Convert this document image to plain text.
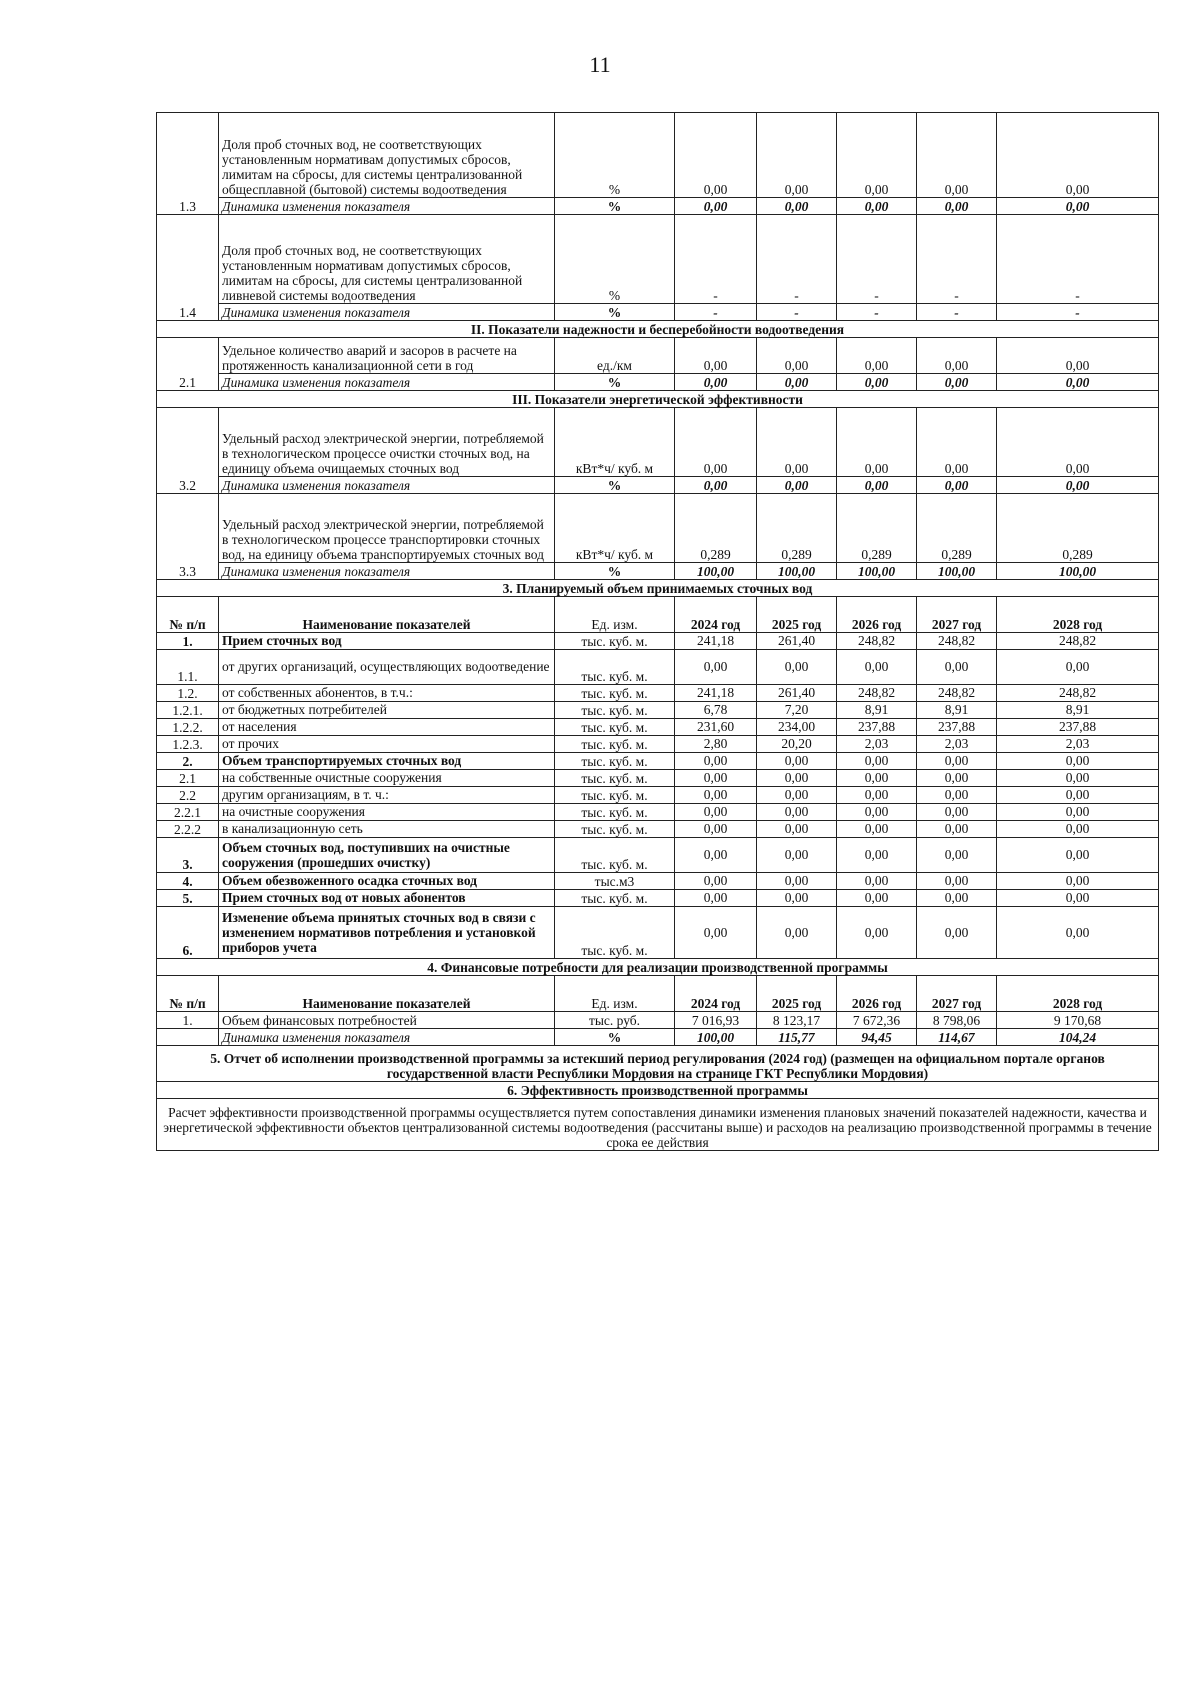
11
1.3	Доля проб сточных вод, не соответствующих установленным нормативам допустимых сбросов, лимитам на сбросы, для системы централизованной общесплавной (бытовой) системы водоотведения	%	0,00	0,00	0,00	0,00	0,00
	Динамика изменения показателя	%	0,00	0,00	0,00	0,00	0,00
1.4	Доля проб сточных вод, не соответствующих установленным нормативам допустимых сбросов, лимитам на сбросы, для системы централизованной ливневой системы водоотведения	%	-	-	-	-	-
	Динамика изменения показателя	%	-	-	-	-	-
II. Показатели надежности и бесперебойности водоотведения							
2.1	Удельное количество аварий и засоров в расчете на протяженность канализационной сети в год	ед./км	0,00	0,00	0,00	0,00	0,00
	Динамика изменения показателя	%	0,00	0,00	0,00	0,00	0,00
III. Показатели энергетической эффективности							
3.2	Удельный расход электрической энергии, потребляемой в технологическом процессе очистки сточных вод, на единицу объема очищаемых сточных вод	кВт*ч/ куб. м	0,00	0,00	0,00	0,00	0,00
	Динамика изменения показателя	%	0,00	0,00	0,00	0,00	0,00
3.3	Удельный расход электрической энергии, потребляемой в технологическом процессе транспортировки сточных вод, на единицу объема транспортируемых сточных вод	кВт*ч/ куб. м	0,289	0,289	0,289	0,289	0,289
	Динамика изменения показателя	%	100,00	100,00	100,00	100,00	100,00
3. Планируемый объем принимаемых сточных вод							
№ п/п	Наименование показателей	Ед. изм.	2024 год	2025 год	2026 год	2027 год	2028 год
1.	Прием сточных вод	тыс. куб. м.	241,18	261,40	248,82	248,82	248,82
1.1.	от других организаций, осуществляющих водоотведение	тыс. куб. м.	0,00	0,00	0,00	0,00	0,00
1.2.	от собственных абонентов, в т.ч.:	тыс. куб. м.	241,18	261,40	248,82	248,82	248,82
1.2.1.	от бюджетных потребителей	тыс. куб. м.	6,78	7,20	8,91	8,91	8,91
1.2.2.	от населения	тыс. куб. м.	231,60	234,00	237,88	237,88	237,88
1.2.3.	от прочих	тыс. куб. м.	2,80	20,20	2,03	2,03	2,03
2.	Объем транспортируемых сточных вод	тыс. куб. м.	0,00	0,00	0,00	0,00	0,00
2.1	на собственные очистные сооружения	тыс. куб. м.	0,00	0,00	0,00	0,00	0,00
2.2	другим организациям, в т. ч.:	тыс. куб. м.	0,00	0,00	0,00	0,00	0,00
2.2.1	на очистные сооружения	тыс. куб. м.	0,00	0,00	0,00	0,00	0,00
2.2.2	в канализационную сеть	тыс. куб. м.	0,00	0,00	0,00	0,00	0,00
3.	Объем сточных вод, поступивших на очистные сооружения (прошедших очистку)	тыс. куб. м.	0,00	0,00	0,00	0,00	0,00
4.	Объем обезвоженного осадка сточных вод	тыс.м3	0,00	0,00	0,00	0,00	0,00
5.	Прием сточных вод от новых абонентов	тыс. куб. м.	0,00	0,00	0,00	0,00	0,00
6.	Изменение объема принятых сточных вод в связи с изменением нормативов потребления и установкой приборов учета	тыс. куб. м.	0,00	0,00	0,00	0,00	0,00
4. Финансовые потребности для реализации производственной программы							
№ п/п	Наименование показателей	Ед. изм.	2024 год	2025 год	2026 год	2027 год	2028 год
1.	Объем финансовых потребностей	тыс. руб.	7 016,93	8 123,17	7 672,36	8 798,06	9 170,68
	Динамика изменения показателя	%	100,00	115,77	94,45	114,67	104,24
5. Отчет об исполнении производственной программы за истекший период регулирования (2024 год) (размещен на официальном портале органов государственной власти Республики Мордовия на странице ГКТ Республики Мордовия)							
6. Эффективность производственной программы							
Расчет эффективности производственной программы осуществляется путем сопоставления динамики изменения плановых значений показателей надежности, качества и энергетической эффективности объектов централизованной системы водоотведения (рассчитаны выше) и расходов на реализацию производственной программы в течение срока ее действия							
